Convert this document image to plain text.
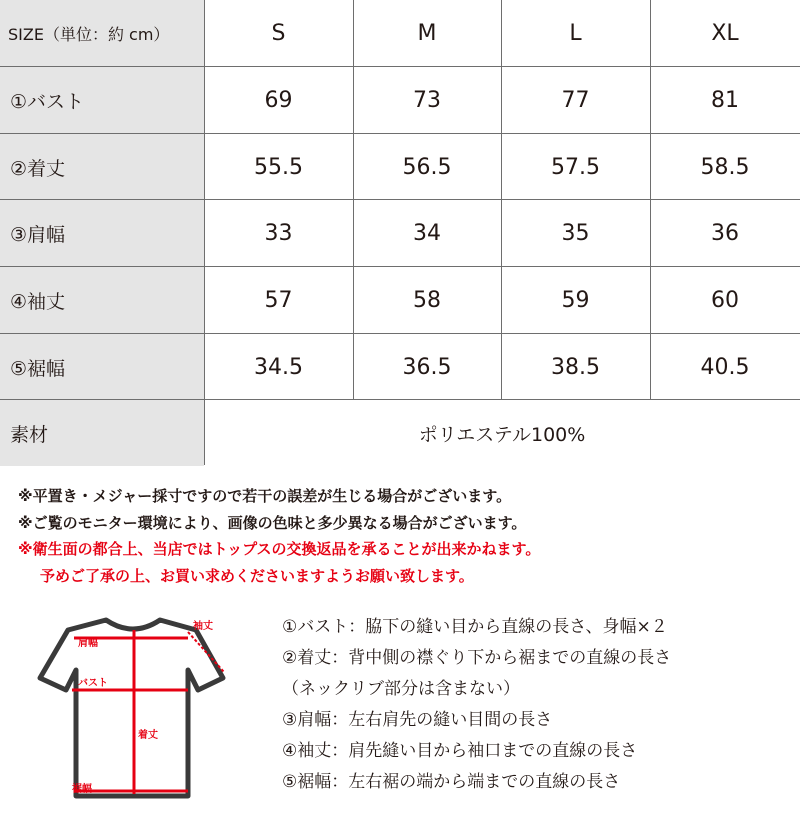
SIZE（単位：約 cm）	S	M	L	XL
①バスト	69	73	77	81
②着丈	55.5	56.5	57.5	58.5
③肩幅	33	34	35	36
④袖丈	57	58	59	60
⑤裾幅	34.5	36.5	38.5	40.5
素材	ポリエステル100%
※平置き・メジャー採寸ですので若干の誤差が生じる場合がございます。
※ご覧のモニター環境により、画像の色味と多少異なる場合がございます。
※衛生面の都合上、当店ではトップスの交換返品を承ることが出来かねます。
予めご了承の上、お買い求めくださいますようお願い致します。
肩幅
袖丈
バスト
着丈
裾幅
①バスト：脇下の縫い目から直線の長さ、身幅×２
②着丈：背中側の襟ぐり下から裾までの直線の長さ
（ネックリブ部分は含まない）
③肩幅：左右肩先の縫い目間の長さ
④袖丈：肩先縫い目から袖口までの直線の長さ
⑤裾幅：左右裾の端から端までの直線の長さ
